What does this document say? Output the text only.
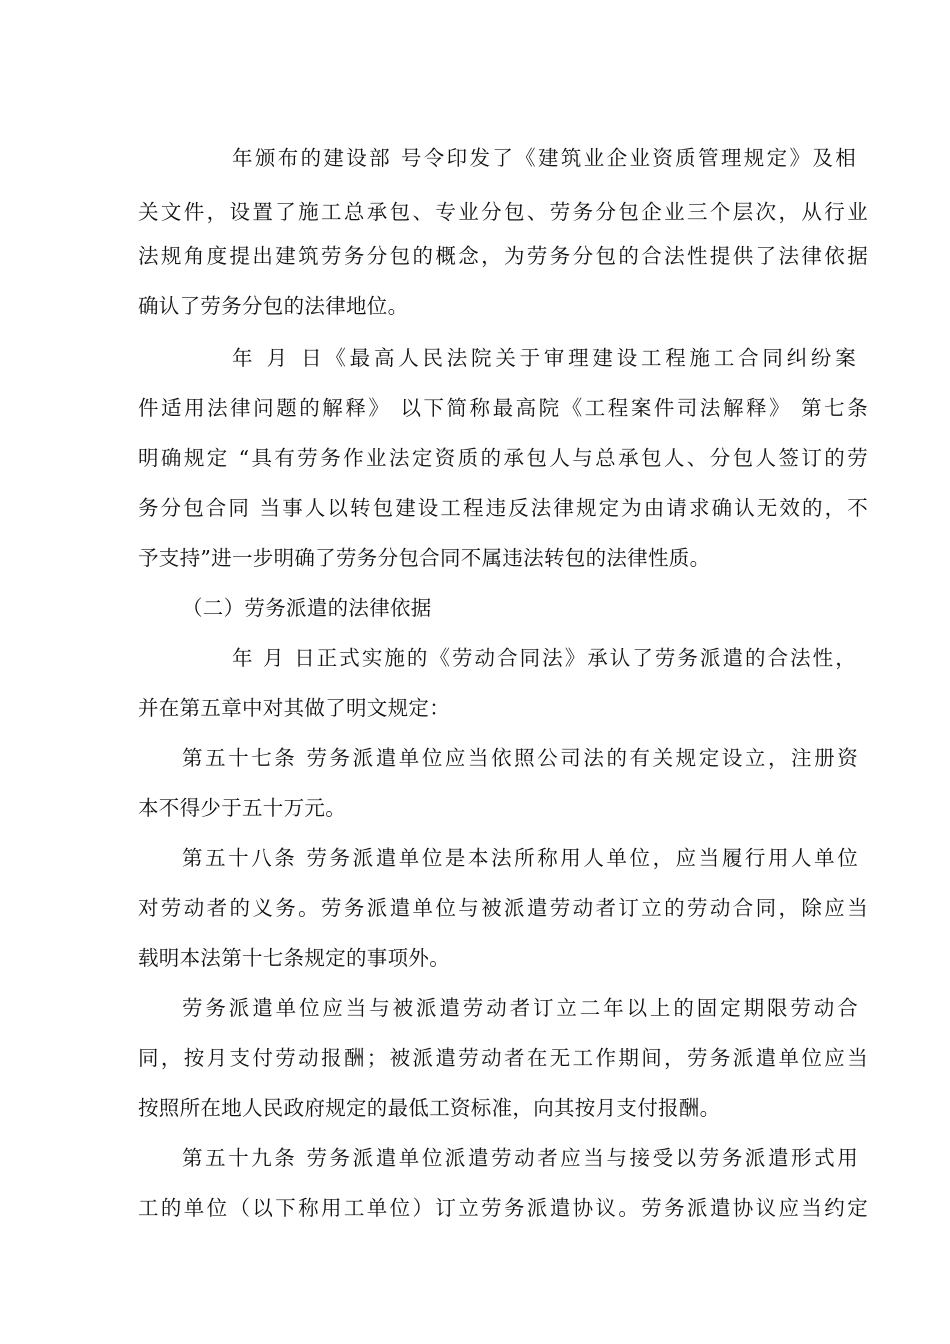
年颁布的建设部 号令印发了《建筑业企业资质管理规定》及相
关文件，设置了施工总承包、专业分包、劳务分包企业三个层次，从行业
法规角度提出建筑劳务分包的概念，为劳务分包的合法性提供了法律依据
确认了劳务分包的法律地位。
年 月 日《最高人民法院关于审理建设工程施工合同纠纷案
件适用法律问题的解释》 以下简称最高院《工程案件司法解释》 第七条
明确规定 “具有劳务作业法定资质的承包人与总承包人、分包人签订的劳
务分包合同 当事人以转包建设工程违反法律规定为由请求确认无效的，不
予支持”进一步明确了劳务分包合同不属违法转包的法律性质。
（二）劳务派遣的法律依据
年 月 日正式实施的《劳动合同法》承认了劳务派遣的合法性，
并在第五章中对其做了明文规定：
第五十七条 劳务派遣单位应当依照公司法的有关规定设立，注册资
本不得少于五十万元。
第五十八条 劳务派遣单位是本法所称用人单位，应当履行用人单位
对劳动者的义务。劳务派遣单位与被派遣劳动者订立的劳动合同，除应当
载明本法第十七条规定的事项外。
劳务派遣单位应当与被派遣劳动者订立二年以上的固定期限劳动合
同，按月支付劳动报酬；被派遣劳动者在无工作期间，劳务派遣单位应当
按照所在地人民政府规定的最低工资标准，向其按月支付报酬。
第五十九条 劳务派遣单位派遣劳动者应当与接受以劳务派遣形式用
工的单位（以下称用工单位）订立劳务派遣协议。劳务派遣协议应当约定
